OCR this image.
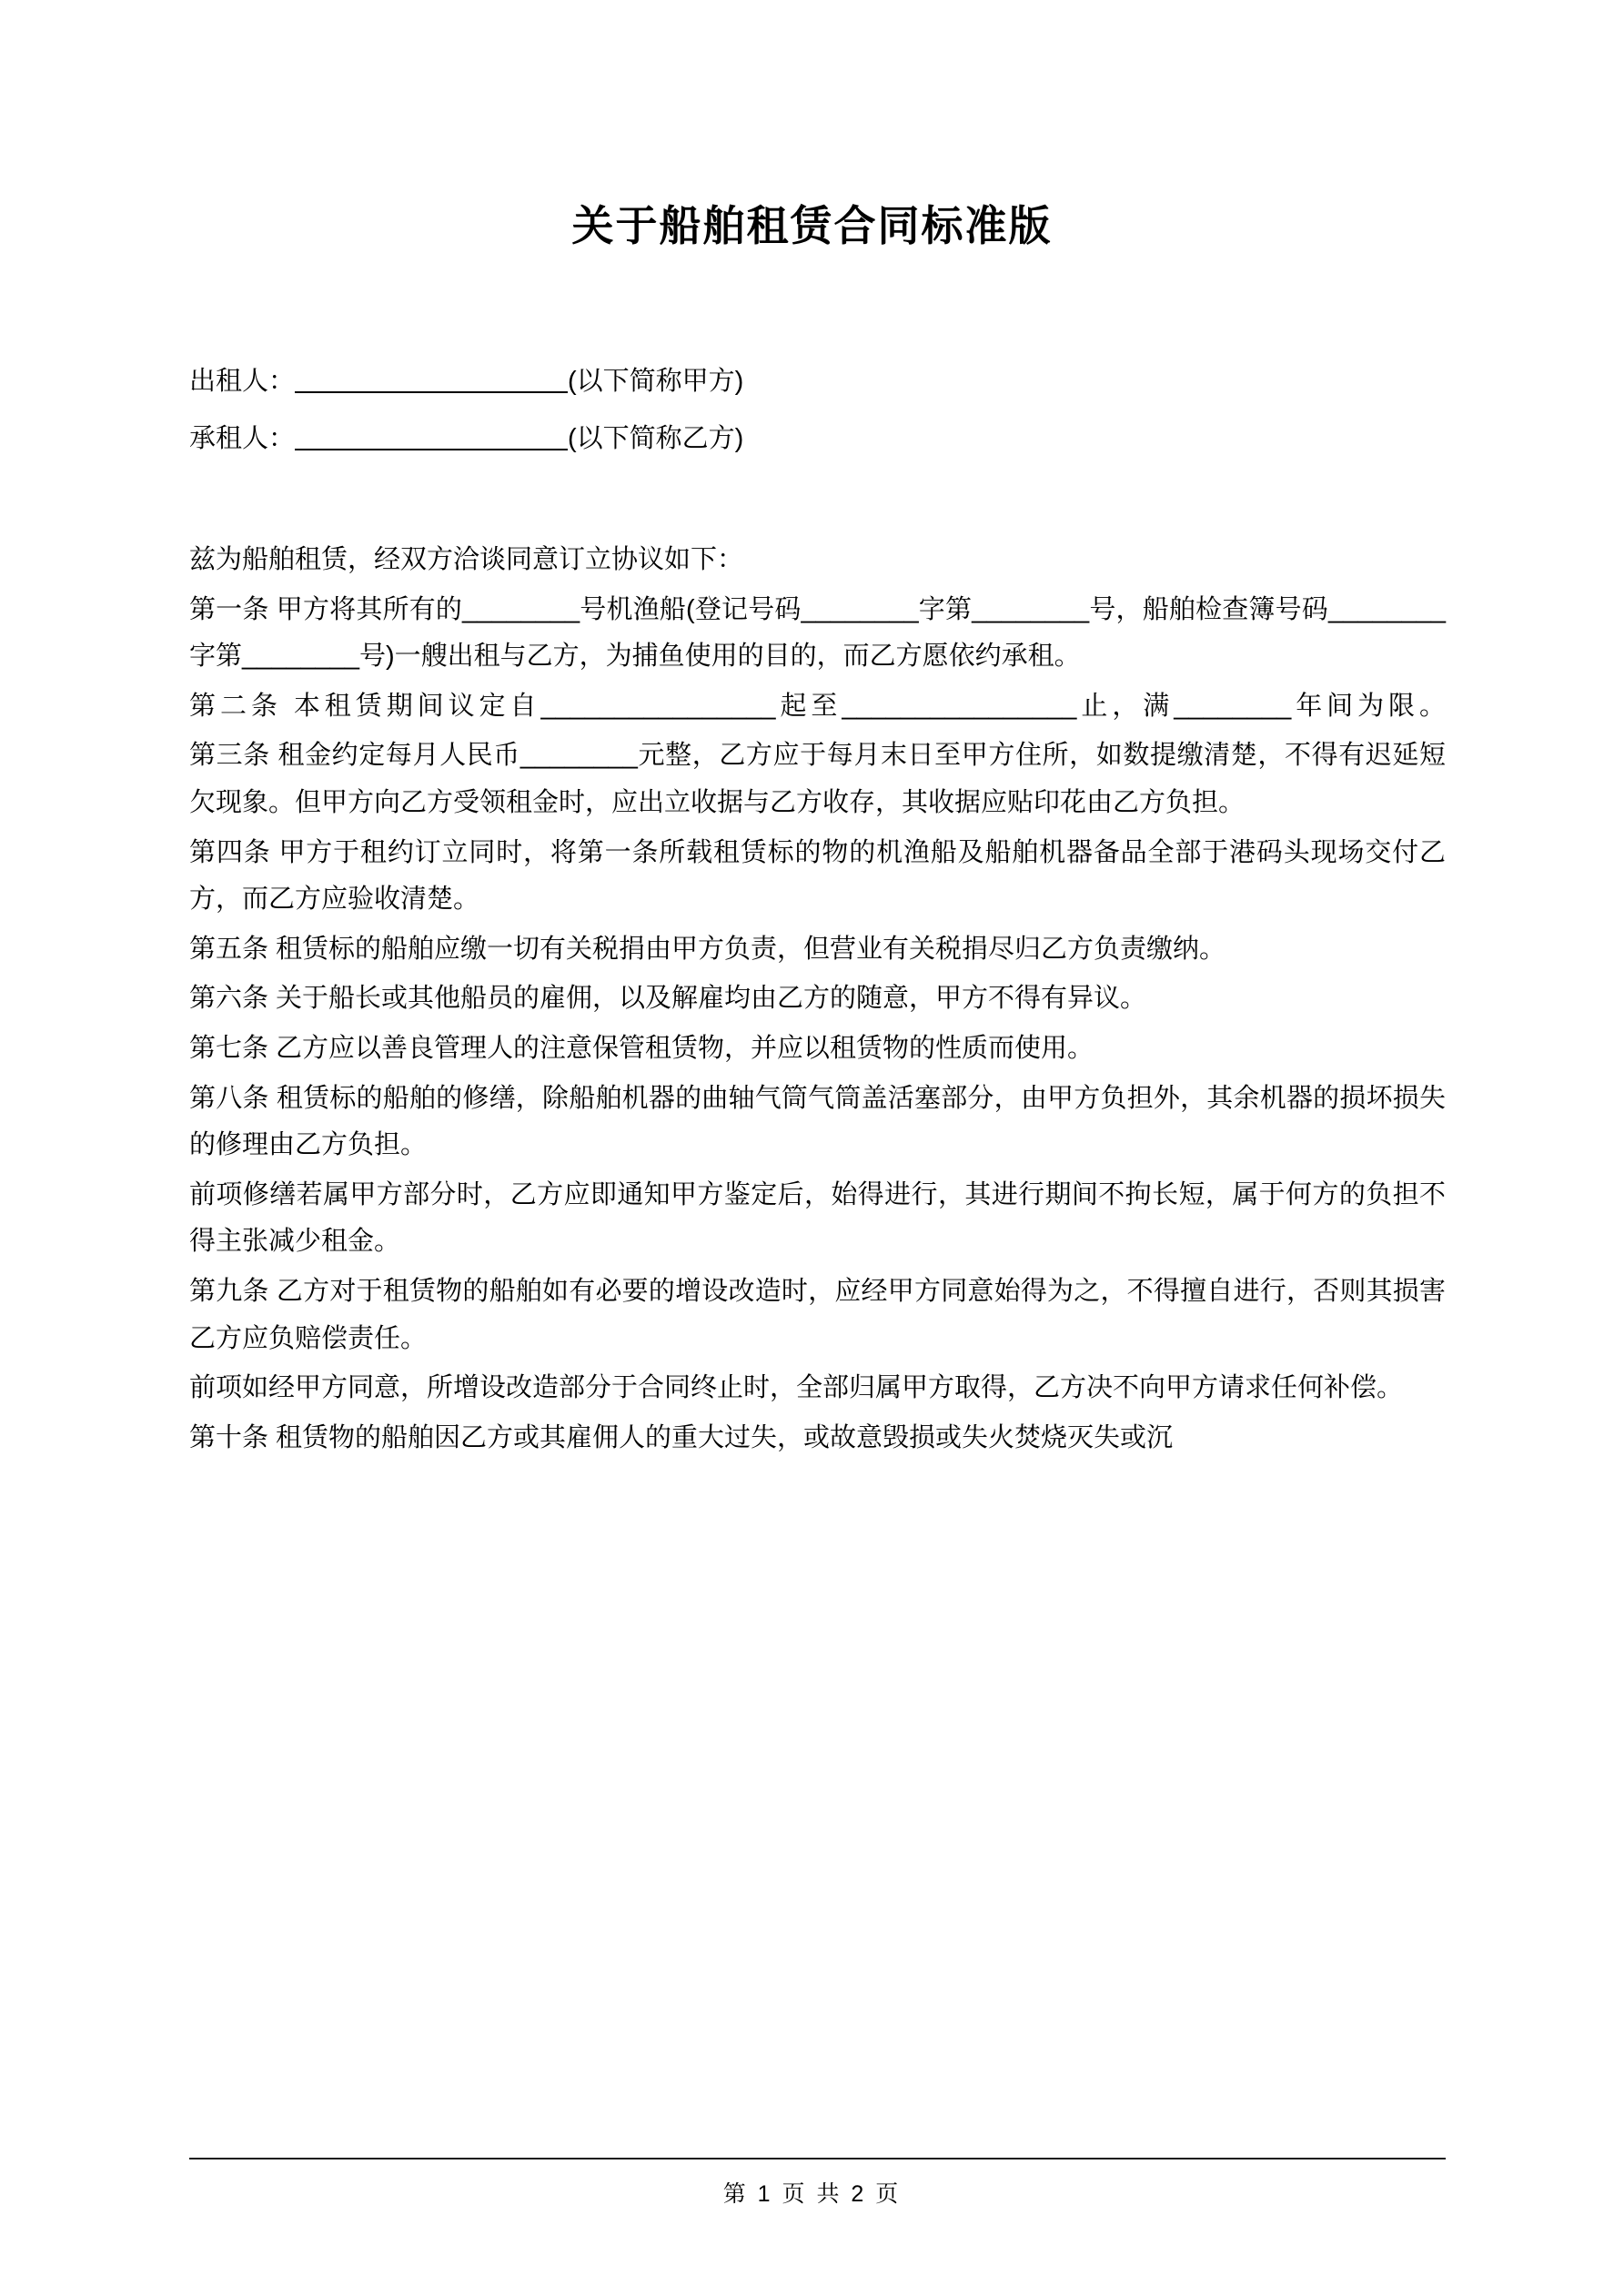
关于船舶租赁合同标准版
出租人：	(以下简称甲方)
承租人：	(以下简称乙方)

兹为船舶租赁，经双方洽谈同意订立协议如下：

第一条 甲方将其所有的________号机渔船(登记号码________字第________号，船舶检查簿号码________字第________号)一艘出租与乙方，为捕鱼使用的目的，而乙方愿依约承租。

第二条 本租赁期间议定自________________起至________________止，满________年间为限。

第三条 租金约定每月人民币________元整，乙方应于每月末日至甲方住所，如数提缴清楚，不得有迟延短欠现象。但甲方向乙方受领租金时，应出立收据与乙方收存，其收据应贴印花由乙方负担。

第四条 甲方于租约订立同时，将第一条所载租赁标的物的机渔船及船舶机器备品全部于港码头现场交付乙方，而乙方应验收清楚。

第五条 租赁标的船舶应缴一切有关税捐由甲方负责，但营业有关税捐尽归乙方负责缴纳。

第六条 关于船长或其他船员的雇佣，以及解雇均由乙方的随意，甲方不得有异议。

第七条 乙方应以善良管理人的注意保管租赁物，并应以租赁物的性质而使用。

第八条 租赁标的船舶的修缮，除船舶机器的曲轴气筒气筒盖活塞部分，由甲方负担外，其余机器的损坏损失的修理由乙方负担。

前项修缮若属甲方部分时，乙方应即通知甲方鉴定后，始得进行，其进行期间不拘长短，属于何方的负担不得主张减少租金。

第九条 乙方对于租赁物的船舶如有必要的增设改造时，应经甲方同意始得为之，不得擅自进行，否则其损害乙方应负赔偿责任。

前项如经甲方同意，所增设改造部分于合同终止时，全部归属甲方取得，乙方决不向甲方请求任何补偿。

第十条 租赁物的船舶因乙方或其雇佣人的重大过失，或故意毁损或失火焚烧灭失或沉

第 1 页 共 2 页
